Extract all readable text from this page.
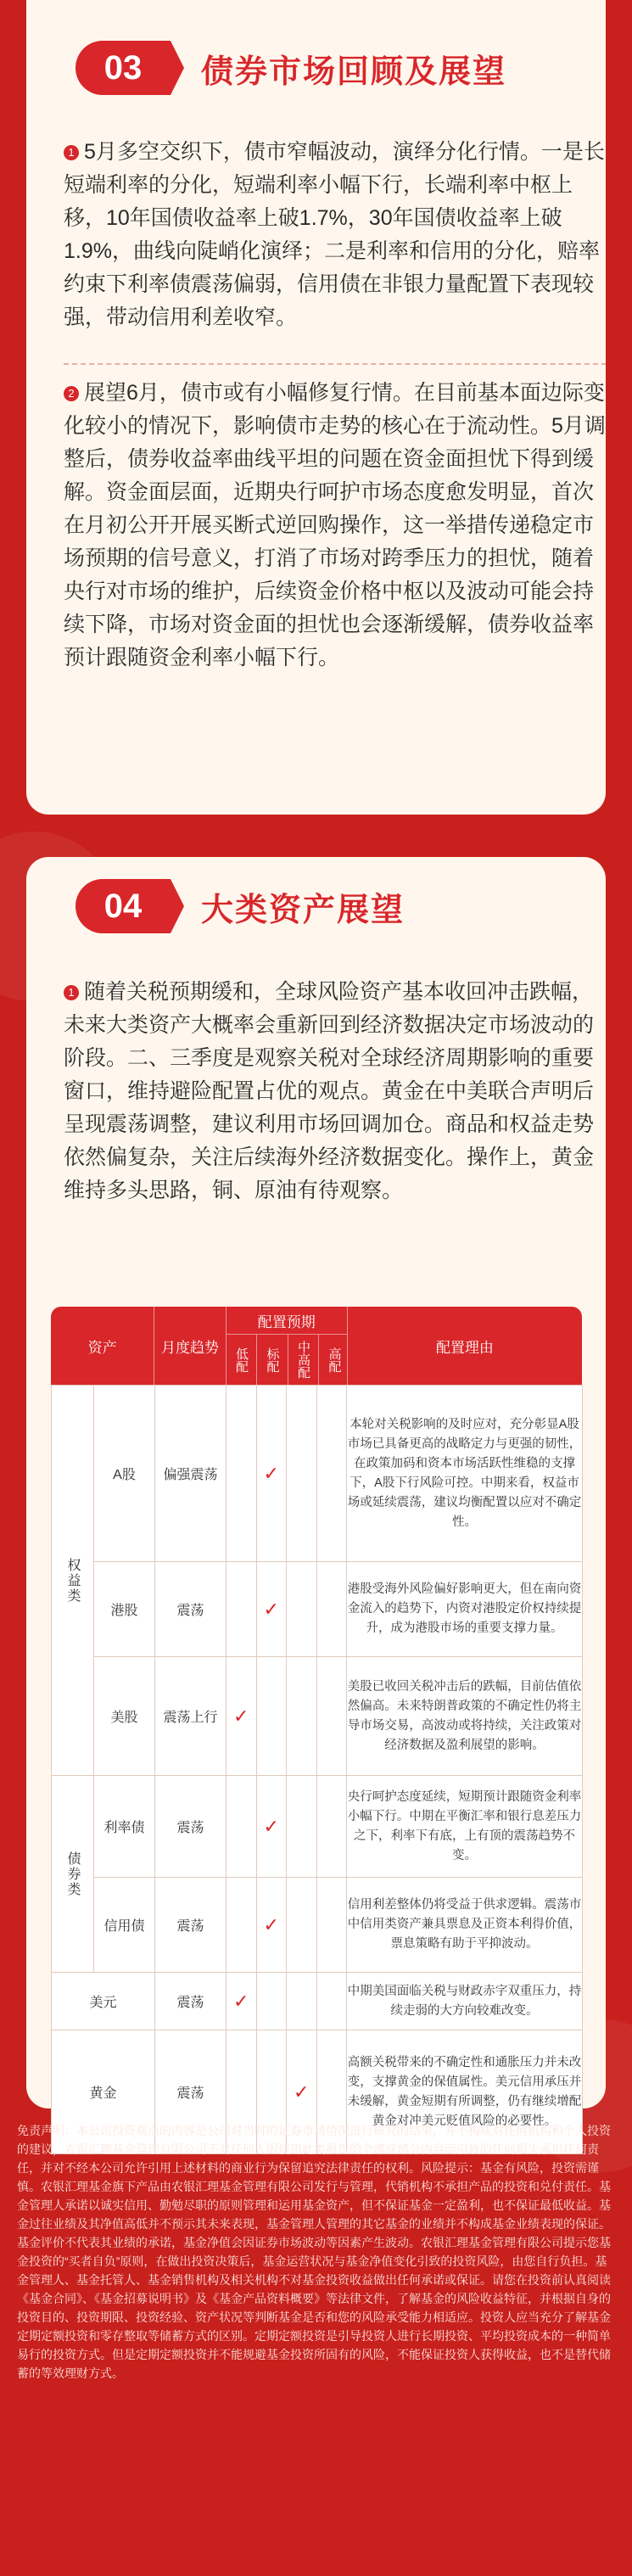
03	债券市场回顾及展望
1 5月多空交织下，债市窄幅波动，演绎分化行情。一是长短端利率的分化，短端利率小幅下行，长端利率中枢上移，10年国债收益率上破1.7%，30年国债收益率上破1.9%，曲线向陡峭化演绎；二是利率和信用的分化，赔率约束下利率债震荡偏弱，信用债在非银力量配置下表现较强，带动信用利差收窄。
2 展望6月，债市或有小幅修复行情。在目前基本面边际变化较小的情况下，影响债市走势的核心在于流动性。5月调整后，债券收益率曲线平坦的问题在资金面担忧下得到缓解。资金面层面，近期央行呵护市场态度愈发明显，首次在月初公开开展买断式逆回购操作，这一举措传递稳定市场预期的信号意义，打消了市场对跨季压力的担忧，随着央行对市场的维护，后续资金价格中枢以及波动可能会持续下降，市场对资金面的担忧也会逐渐缓解，债券收益率预计跟随资金利率小幅下行。
04	大类资产展望
1 随着关税预期缓和，全球风险资产基本收回冲击跌幅，未来大类资产大概率会重新回到经济数据决定市场波动的阶段。二、三季度是观察关税对全球经济周期影响的重要窗口，维持避险配置占优的观点。黄金在中美联合声明后呈现震荡调整，建议利用市场回调加仓。商品和权益走势依然偏复杂，关注后续海外经济数据变化。操作上，黄金维持多头思路，铜、原油有待观察。
资产	月度趋势
配置预期
低配	标配	中高配	高配	配置理由
权益类	A股	偏强震荡		✓			本轮对关税影响的及时应对，充分彰显A股市场已具备更高的战略定力与更强的韧性，在政策加码和资本市场活跃性维稳的支撑下，A股下行风险可控。中期来看，权益市场或延续震荡，建议均衡配置以应对不确定性。
	港股	震荡		✓			港股受海外风险偏好影响更大，但在南向资金流入的趋势下，内资对港股定价权持续提升，成为港股市场的重要支撑力量。
	美股	震荡上行	✓				美股已收回关税冲击后的跌幅，目前估值依然偏高。未来特朗普政策的不确定性仍将主导市场交易，高波动或将持续，关注政策对经济数据及盈利展望的影响。
债券类	利率债	震荡		✓			央行呵护态度延续，短期预计跟随资金利率小幅下行。中期在平衡汇率和银行息差压力之下，利率下有底，上有顶的震荡趋势不变。
	信用债	震荡		✓			信用利差整体仍将受益于供求逻辑。震荡市中信用类资产兼具票息及正资本利得价值，票息策略有助于平抑波动。
美元		震荡	✓				中期美国面临关税与财政赤字双重压力，持续走弱的大方向较难改变。
黄金		震荡			✓		高额关税带来的不确定性和通胀压力并未改变，支撑黄金的保值属性。美元信用承压并未缓解，黄金短期有所调整，仍有继续增配黄金对冲美元贬值风险的必要性。
免责声明：本公司投资观点的内容是公司对当时的证券市场情况进行研究的结果，并不构成对任何机构和个人投资的建议，农银汇理基金管理有限公司不对任何人因使用此类报告的全部或部分内容而引致的任何损失承担任何责任，并对不经本公司允许引用上述材料的商业行为保留追究法律责任的权利。风险提示：基金有风险，投资需谨慎。农银汇理基金旗下产品由农银汇理基金管理有限公司发行与管理，代销机构不承担产品的投资和兑付责任。基金管理人承诺以诚实信用、勤勉尽职的原则管理和运用基金资产，但不保证基金一定盈利，也不保证最低收益。基金过往业绩及其净值高低并不预示其未来表现，基金管理人管理的其它基金的业绩并不构成基金业绩表现的保证。基金评价不代表其业绩的承诺，基金净值会因证券市场波动等因素产生波动。农银汇理基金管理有限公司提示您基金投资的“买者自负”原则，在做出投资决策后，基金运营状况与基金净值变化引致的投资风险，由您自行负担。基金管理人、基金托管人、基金销售机构及相关机构不对基金投资收益做出任何承诺或保证。请您在投资前认真阅读《基金合同》、《基金招募说明书》及《基金产品资料概要》等法律文件，了解基金的风险收益特征，并根据自身的投资目的、投资期限、投资经验、资产状况等判断基金是否和您的风险承受能力相适应。投资人应当充分了解基金定期定额投资和零存整取等储蓄方式的区别。定期定额投资是引导投资人进行长期投资、平均投资成本的一种简单易行的投资方式。但是定期定额投资并不能规避基金投资所固有的风险，不能保证投资人获得收益，也不是替代储蓄的等效理财方式。
